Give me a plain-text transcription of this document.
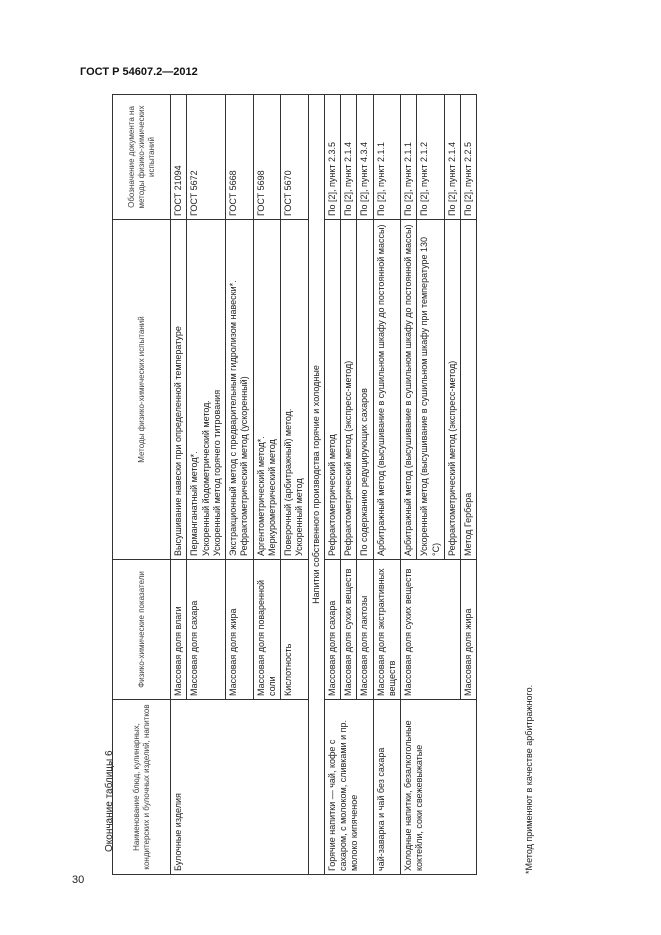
ГОСТ Р 54607.2—2012
30
Окончание таблицы 6 Наименование блюд, кулинарных, кондитерских и булочных изделий, напитков	Физико-химические показатели	Методы физико-химических испытаний	Обозначение документа на методы физико-химических испытаний
Булочные изделия	Массовая доля влаги	Высушивание навески при определенной температуре	ГОСТ 21094
	Массовая доля сахара	Перманганатный метод*. Ускоренный йодометрический метод. Ускоренный метод горячего титрования	ГОСТ 5672
	Массовая доля жира	Экстракционный метод с предварительным гидролизом навески*. Рефрактометрический метод (ускоренный)	ГОСТ 5668
	Массовая доля поваренной соли	Аргентометрический метод*. Меркурометрический метод	ГОСТ 5698
	Кислотность	Поверочный (арбитражный) метод. Ускоренный метод	ГОСТ 5670
Напитки собственного производства горячие и холодные			
Горячие напитки — чай, кофе с сахаром, с молоком, сливками и пр. молоко кипяченое	Массовая доля сахара	Рефрактометрический метод	По [2], пункт 2.3.5
	Массовая доля сухих веществ	Рефрактометрический метод (экспресс-метод)	По [2], пункт 2.1.4
	Массовая доля лактозы	По содержанию редуцирующих сахаров	По [2], пункт 4.3.4
чай-заварка и чай без сахара	Массовая доля экстрактивных веществ	Арбитражный метод (высушивание в сушильном шкафу до постоянной массы)	По [2], пункт 2.1.1
Холодные напитки, безалкогольные коктейли, соки свежевыжатые	Массовая доля сухих веществ	Арбитражный метод (высушивание в сушильном шкафу до постоянной массы)	По [2], пункт 2.1.1
		Ускоренный метод (высушивание в сушильном шкафу при температуре 130 °С)	По [2], пункт 2.1.2
		Рефрактометрический метод (экспресс-метод)	По [2], пункт 2.1.4
	Массовая доля жира	Метод Гербера	По [2], пункт 2.2.5
*Метод применяют в качестве арбитражного.
